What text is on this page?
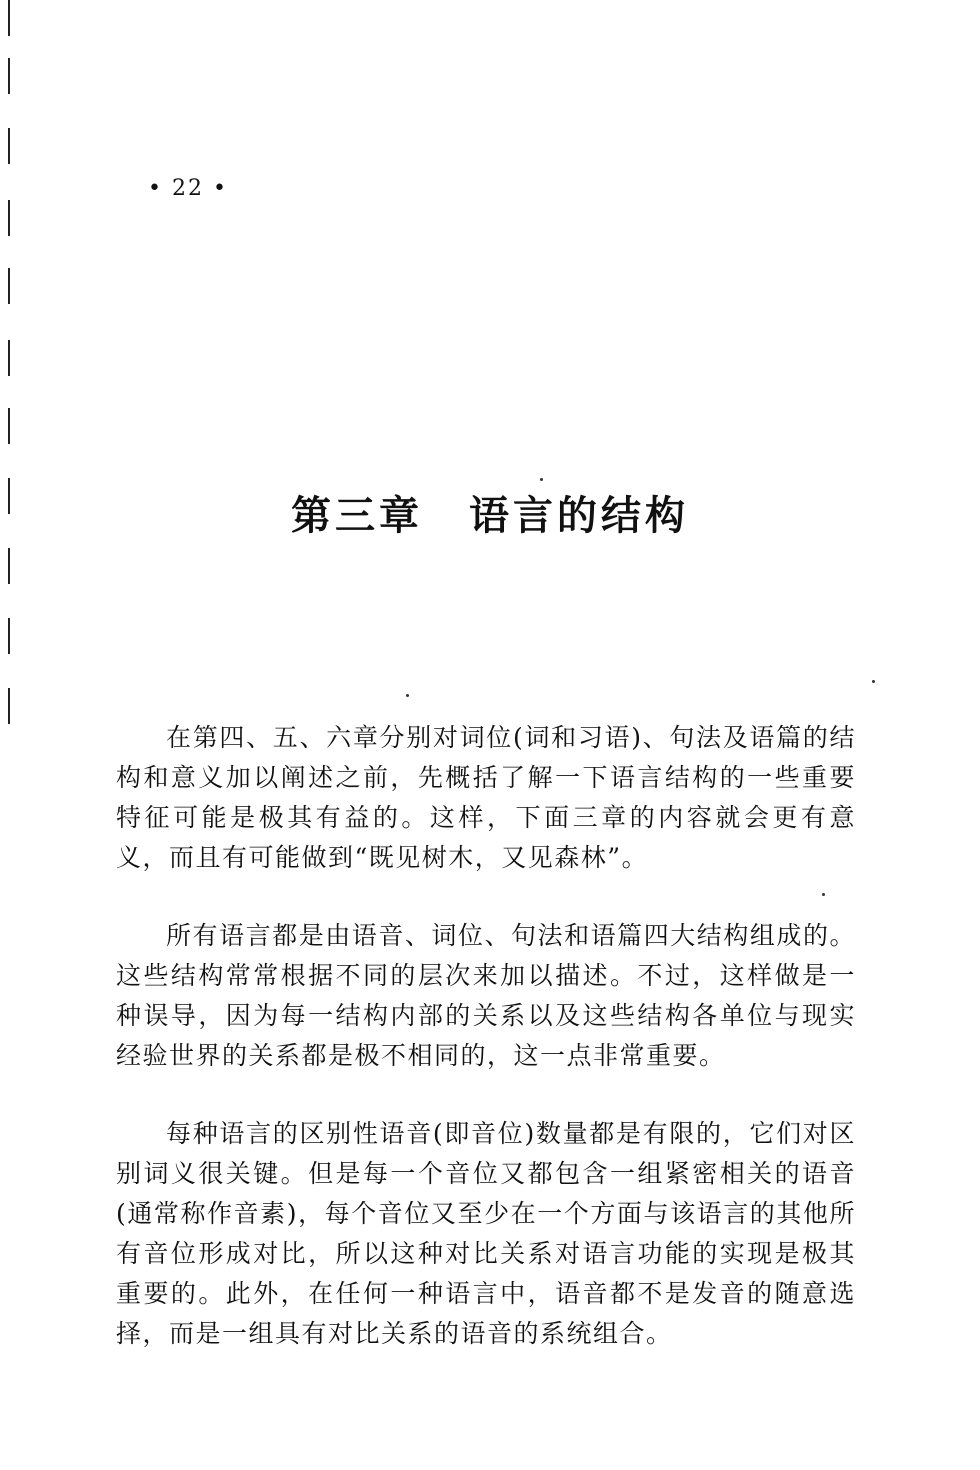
• 22 •
第三章 语言的结构

在第四、五、六章分别对词位(词和习语)、句法及语篇的结构和意义加以阐述之前，先概括了解一下语言结构的一些重要特征可能是极其有益的。这样，下面三章的内容就会更有意义，而且有可能做到“既见树木，又见森林”。

所有语言都是由语音、词位、句法和语篇四大结构组成的。这些结构常常根据不同的层次来加以描述。不过，这样做是一种误导，因为每一结构内部的关系以及这些结构各单位与现实经验世界的关系都是极不相同的，这一点非常重要。

每种语言的区别性语音(即音位)数量都是有限的，它们对区别词义很关键。但是每一个音位又都包含一组紧密相关的语音(通常称作音素)，每个音位又至少在一个方面与该语言的其他所有音位形成对比，所以这种对比关系对语言功能的实现是极其重要的。此外，在任何一种语言中，语音都不是发音的随意选择，而是一组具有对比关系的语音的系统组合。
